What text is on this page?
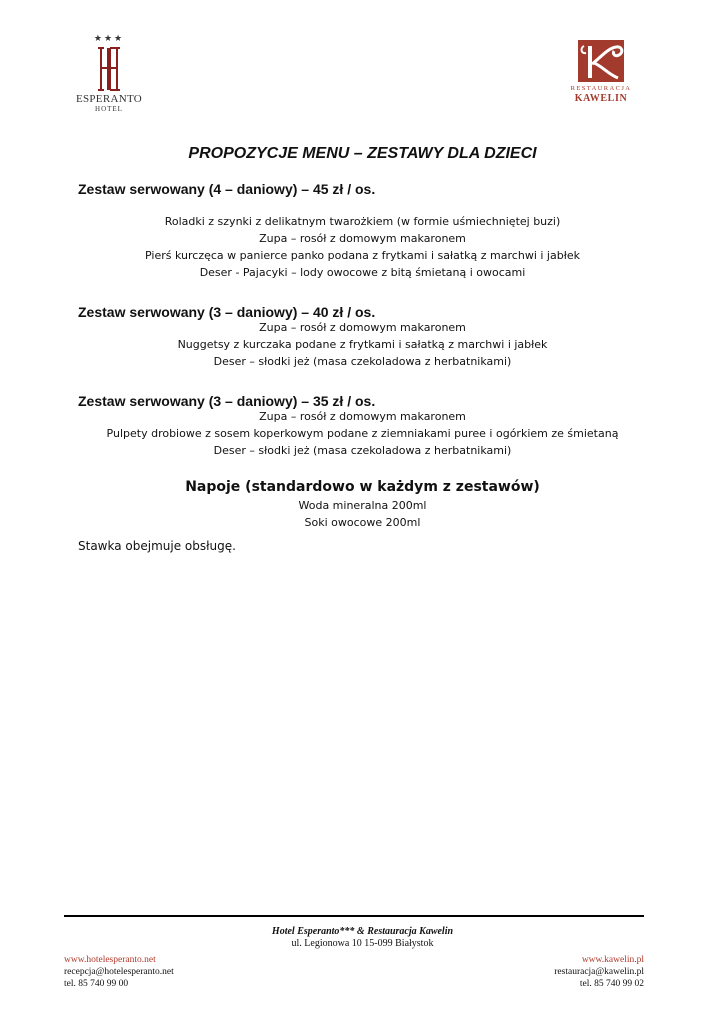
★★★
ESPERANTO
HOTEL
RESTAURACJA
KAWELIN
PROPOZYCJE MENU – ZESTAWY DLA DZIECI
Zestaw serwowany (4 – daniowy) – 45 zł / os.
Roladki z szynki z delikatnym twarożkiem (w formie uśmiechniętej buzi)
Zupa – rosół z domowym makaronem
Pierś kurczęca w panierce panko podana z frytkami i sałatką z marchwi i jabłek
Deser - Pajacyki – lody owocowe z bitą śmietaną i owocami
Zestaw serwowany (3 – daniowy) – 40 zł / os.
Zupa – rosół z domowym makaronem
Nuggetsy z kurczaka podane z frytkami i sałatką z marchwi i jabłek
Deser – słodki jeż (masa czekoladowa z herbatnikami)
Zestaw serwowany (3 – daniowy) – 35 zł / os.
Zupa – rosół z domowym makaronem
Pulpety drobiowe z sosem koperkowym podane z ziemniakami puree i ogórkiem ze śmietaną
Deser – słodki jeż (masa czekoladowa z herbatnikami)
Napoje (standardowo w każdym z zestawów)
Woda mineralna 200ml
Soki owocowe 200ml
Stawka obejmuje obsługę.
Hotel Esperanto*** & Restauracja Kawelin
ul. Legionowa 10 15-099 Białystok
www.hotelesperanto.net
recepcja@hotelesperanto.net
tel. 85 740 99 00
www.kawelin.pl
restauracja@kawelin.pl
tel. 85 740 99 02
